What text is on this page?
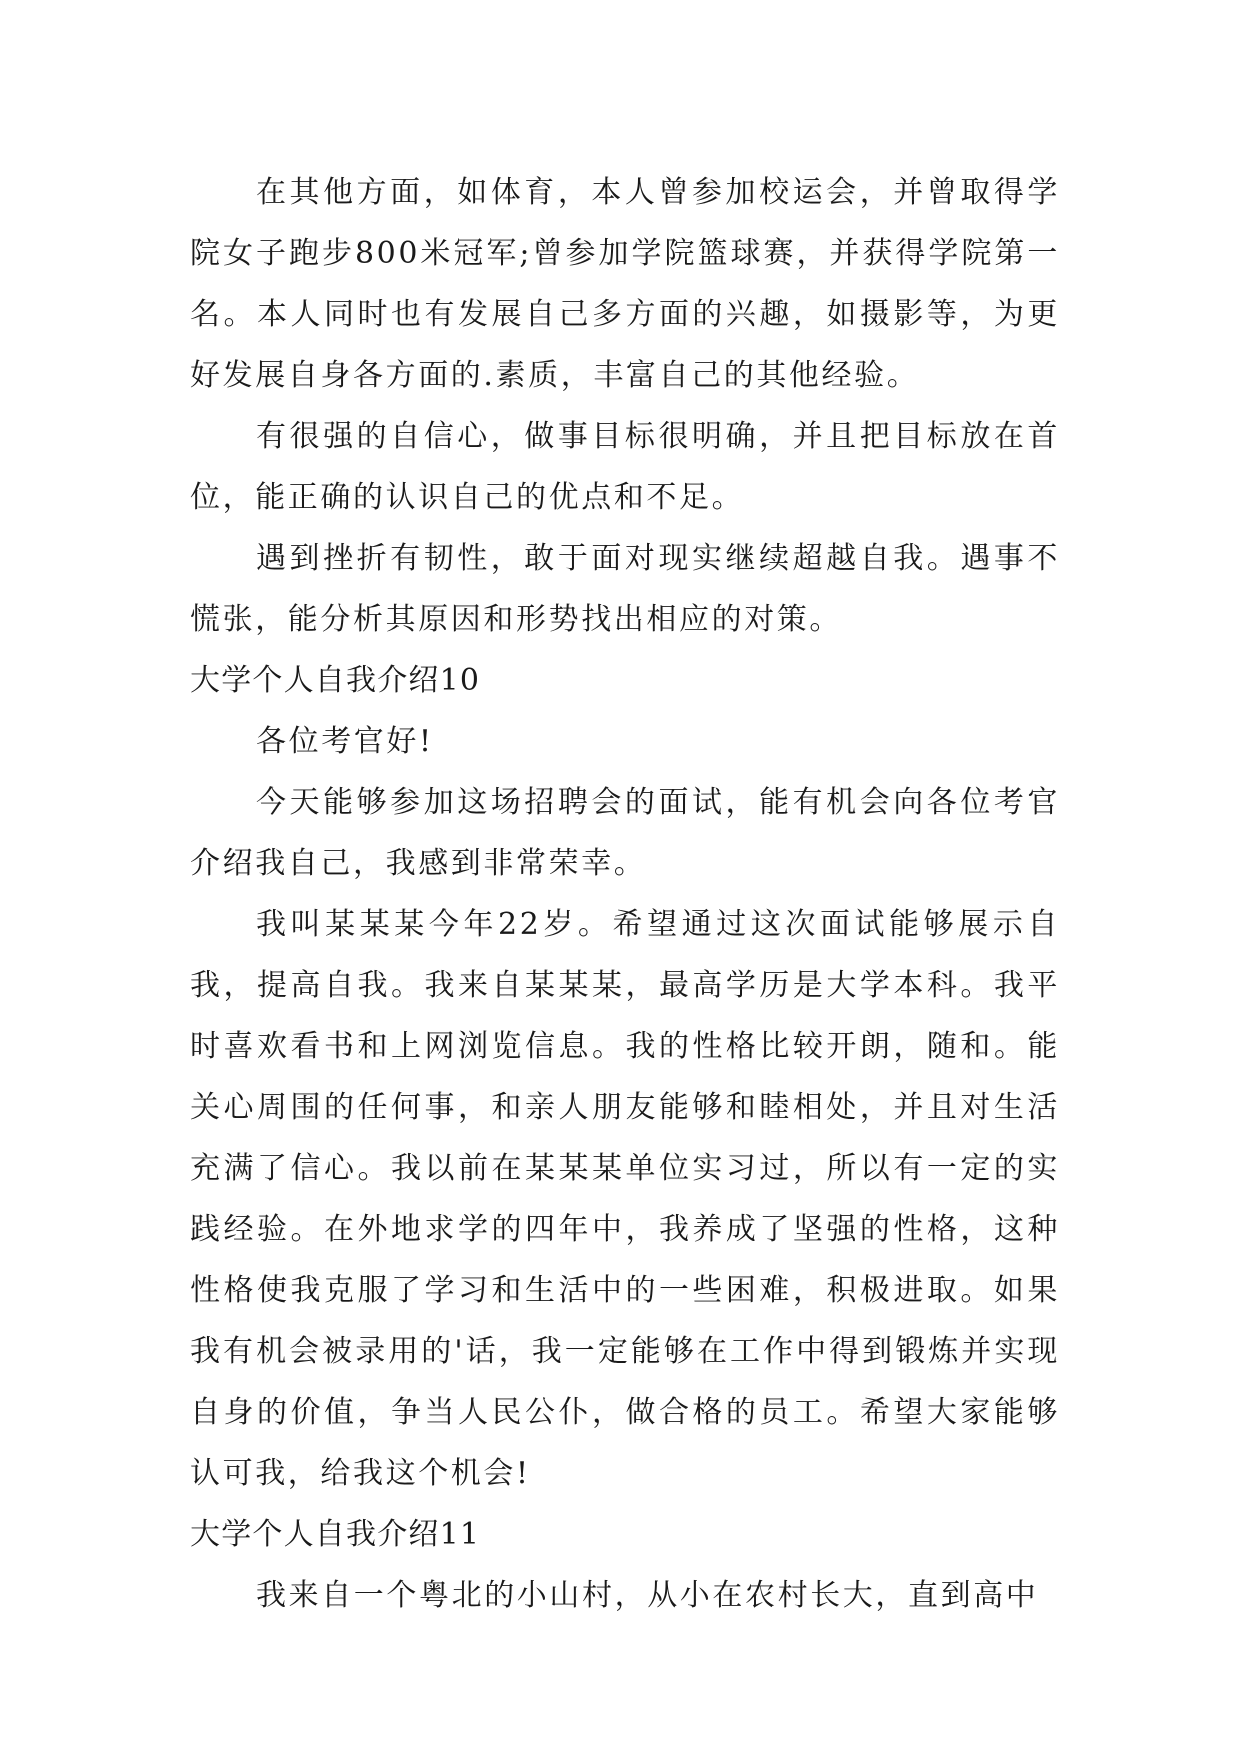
在其他方面，如体育，本人曾参加校运会，并曾取得学院女子跑步800米冠军;曾参加学院篮球赛，并获得学院第一名。本人同时也有发展自己多方面的兴趣，如摄影等，为更好发展自身各方面的.素质，丰富自己的其他经验。

有很强的自信心，做事目标很明确，并且把目标放在首位，能正确的认识自己的优点和不足。

遇到挫折有韧性，敢于面对现实继续超越自我。遇事不慌张，能分析其原因和形势找出相应的对策。

大学个人自我介绍10

各位考官好!

今天能够参加这场招聘会的面试，能有机会向各位考官介绍我自己，我感到非常荣幸。

我叫某某某今年22岁。希望通过这次面试能够展示自我，提高自我。我来自某某某，最高学历是大学本科。我平时喜欢看书和上网浏览信息。我的性格比较开朗，随和。能关心周围的任何事，和亲人朋友能够和睦相处，并且对生活充满了信心。我以前在某某某单位实习过，所以有一定的实践经验。在外地求学的四年中，我养成了坚强的性格，这种性格使我克服了学习和生活中的一些困难，积极进取。如果我有机会被录用的'话，我一定能够在工作中得到锻炼并实现自身的价值，争当人民公仆，做合格的员工。希望大家能够认可我，给我这个机会!

大学个人自我介绍11

我来自一个粤北的小山村，从小在农村长大，直到高中
